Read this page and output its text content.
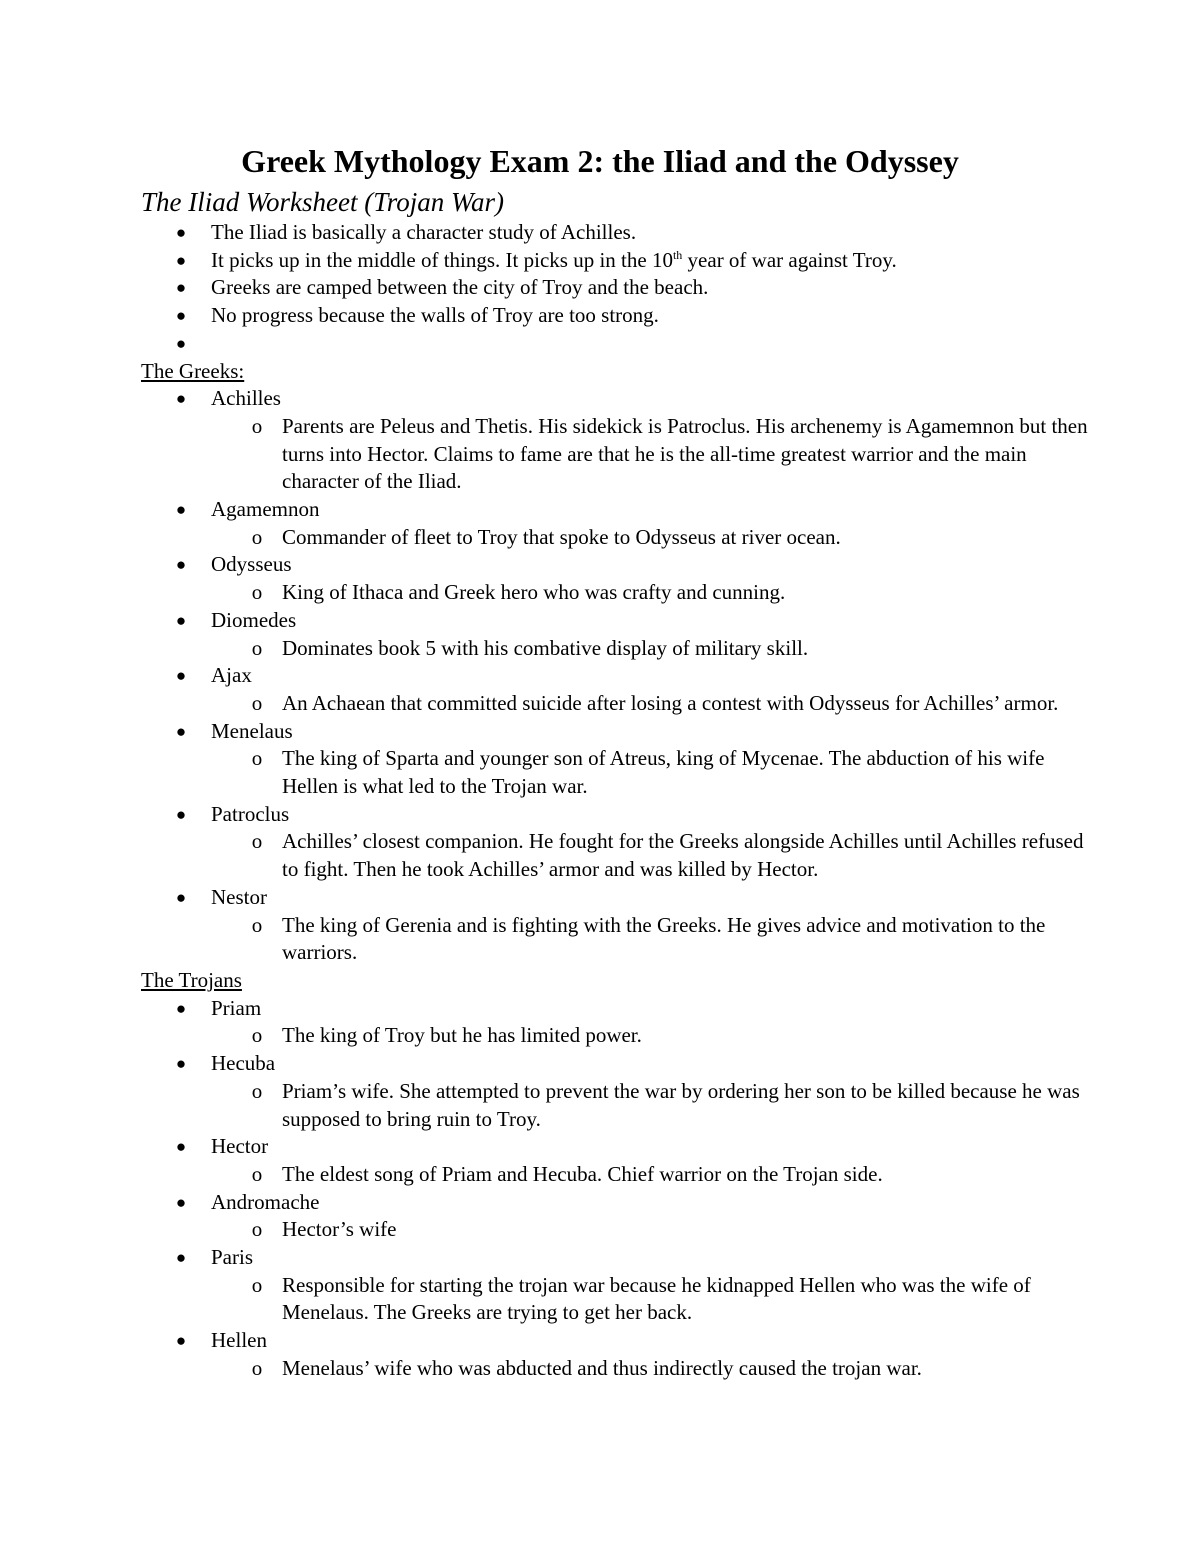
Greek Mythology Exam 2: the Iliad and the Odyssey
The Iliad Worksheet (Trojan War)
● The Iliad is basically a character study of Achilles.
● It picks up in the middle of things. It picks up in the 10th year of war against Troy.
● Greeks are camped between the city of Troy and the beach.
● No progress because the walls of Troy are too strong.
●
The Greeks:
● Achilles
o Parents are Peleus and Thetis. His sidekick is Patroclus. His archenemy is Agamemnon but then turns into Hector. Claims to fame are that he is the all-time greatest warrior and the main character of the Iliad.
● Agamemnon
o Commander of fleet to Troy that spoke to Odysseus at river ocean.
● Odysseus
o King of Ithaca and Greek hero who was crafty and cunning.
● Diomedes
o Dominates book 5 with his combative display of military skill.
● Ajax
o An Achaean that committed suicide after losing a contest with Odysseus for Achilles’ armor.
● Menelaus
o The king of Sparta and younger son of Atreus, king of Mycenae. The abduction of his wife Hellen is what led to the Trojan war.
● Patroclus
o Achilles’ closest companion. He fought for the Greeks alongside Achilles until Achilles refused to fight. Then he took Achilles’ armor and was killed by Hector.
● Nestor
o The king of Gerenia and is fighting with the Greeks. He gives advice and motivation to the warriors.
The Trojans
● Priam
o The king of Troy but he has limited power.
● Hecuba
o Priam’s wife. She attempted to prevent the war by ordering her son to be killed because he was supposed to bring ruin to Troy.
● Hector
o The eldest song of Priam and Hecuba. Chief warrior on the Trojan side.
● Andromache
o Hector’s wife
● Paris
o Responsible for starting the trojan war because he kidnapped Hellen who was the wife of Menelaus. The Greeks are trying to get her back.
● Hellen
o Menelaus’ wife who was abducted and thus indirectly caused the trojan war.
